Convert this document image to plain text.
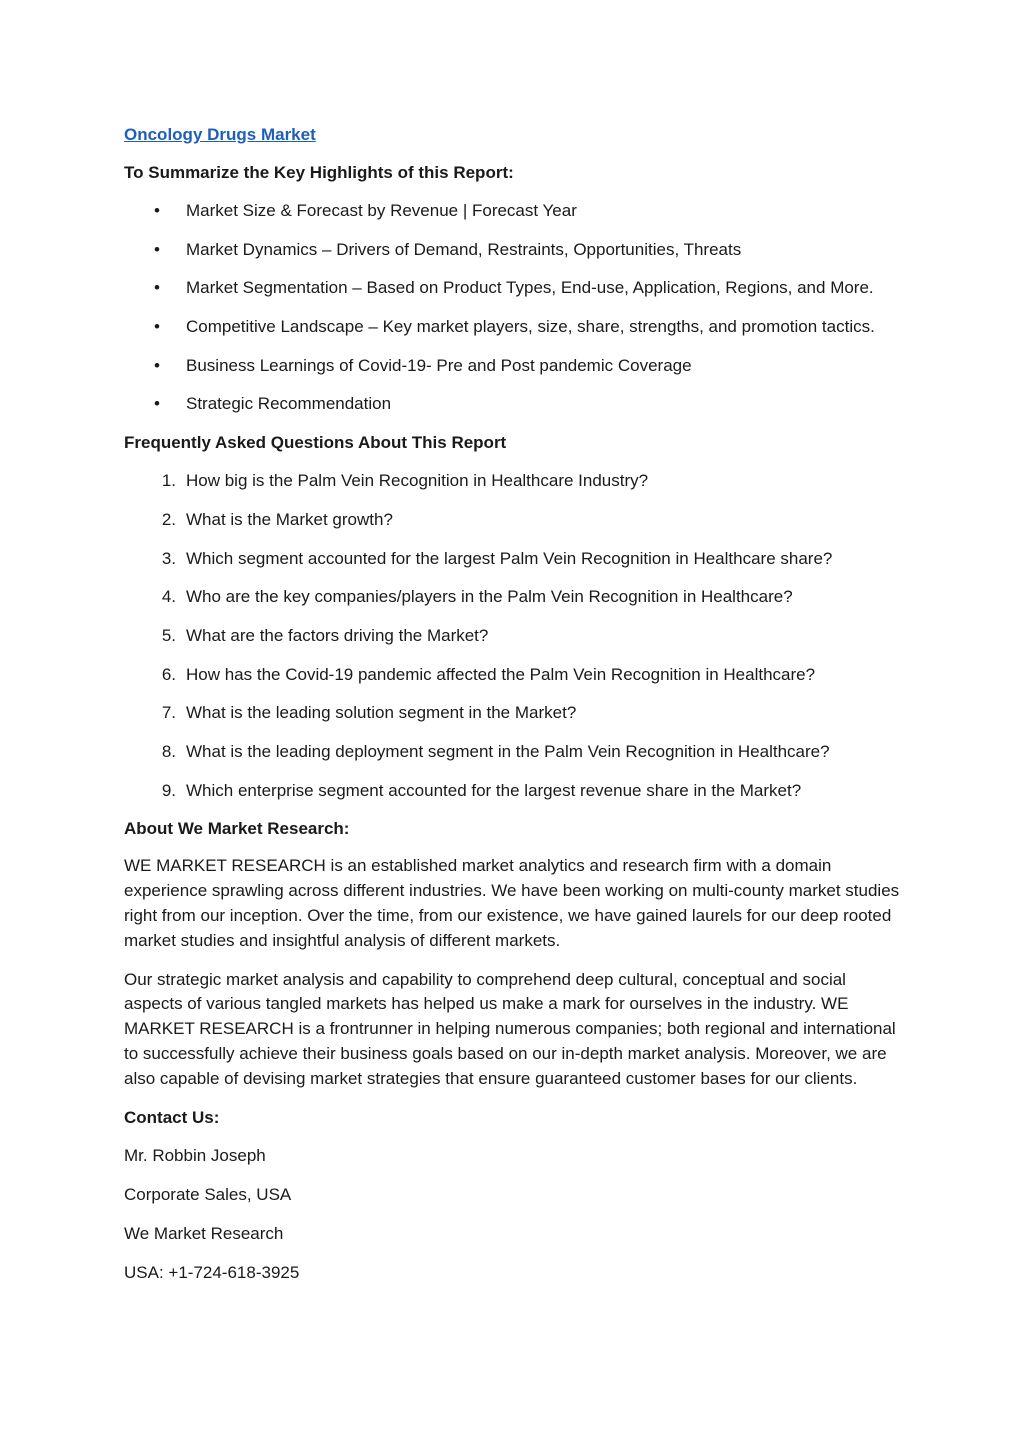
Oncology Drugs Market
To Summarize the Key Highlights of this Report:
• Market Size & Forecast by Revenue | Forecast Year
• Market Dynamics – Drivers of Demand, Restraints, Opportunities, Threats
• Market Segmentation – Based on Product Types, End-use, Application, Regions, and More.
• Competitive Landscape – Key market players, size, share, strengths, and promotion tactics.
• Business Learnings of Covid-19- Pre and Post pandemic Coverage
• Strategic Recommendation
Frequently Asked Questions About This Report
1. How big is the Palm Vein Recognition in Healthcare Industry?
2. What is the Market growth?
3. Which segment accounted for the largest Palm Vein Recognition in Healthcare share?
4. Who are the key companies/players in the Palm Vein Recognition in Healthcare?
5. What are the factors driving the Market?
6. How has the Covid-19 pandemic affected the Palm Vein Recognition in Healthcare?
7. What is the leading solution segment in the Market?
8. What is the leading deployment segment in the Palm Vein Recognition in Healthcare?
9. Which enterprise segment accounted for the largest revenue share in the Market?
About We Market Research:

WE MARKET RESEARCH is an established market analytics and research firm with a domain experience sprawling across different industries. We have been working on multi-county market studies right from our inception. Over the time, from our existence, we have gained laurels for our deep rooted market studies and insightful analysis of different markets.

Our strategic market analysis and capability to comprehend deep cultural, conceptual and social aspects of various tangled markets has helped us make a mark for ourselves in the industry. WE MARKET RESEARCH is a frontrunner in helping numerous companies; both regional and international to successfully achieve their business goals based on our in-depth market analysis. Moreover, we are also capable of devising market strategies that ensure guaranteed customer bases for our clients.

Contact Us:
Mr. Robbin Joseph
Corporate Sales, USA
We Market Research
USA: +1-724-618-3925
